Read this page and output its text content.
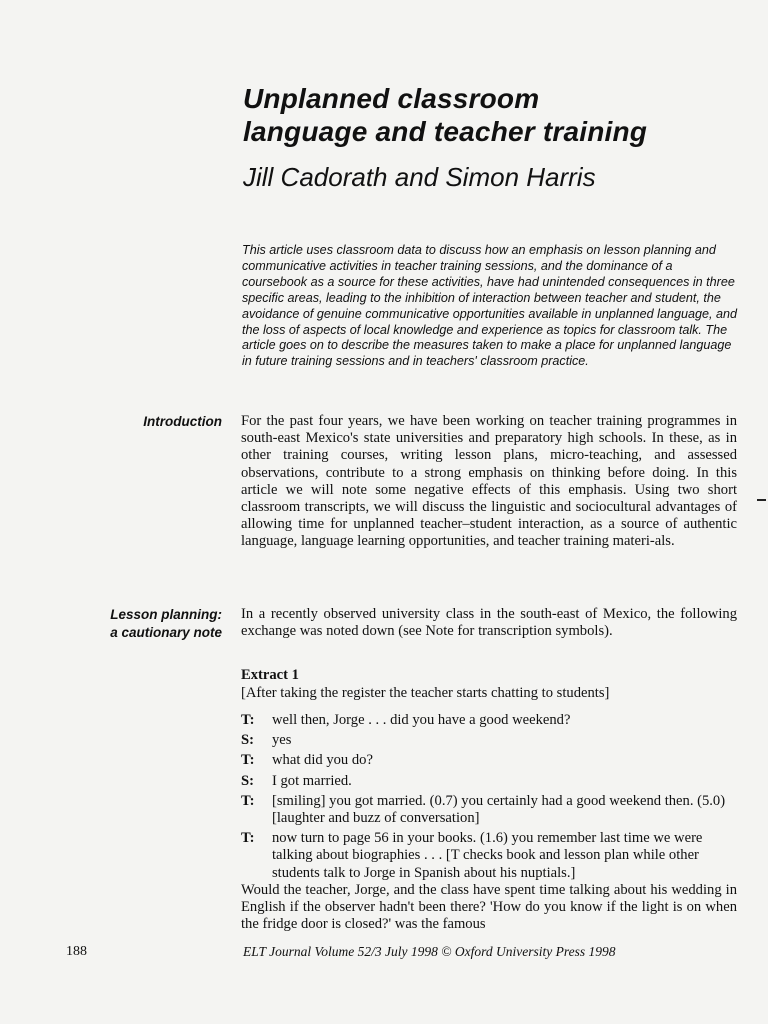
Unplanned classroom
language and teacher training

Jill Cadorath and Simon Harris

This article uses classroom data to discuss how an emphasis on lesson planning and communicative activities in teacher training sessions, and the dominance of a coursebook as a source for these activities, have had unintended consequences in three specific areas, leading to the inhibition of interaction between teacher and student, the avoidance of genuine communicative opportunities available in unplanned language, and the loss of aspects of local knowledge and experience as topics for classroom talk. The article goes on to describe the measures taken to make a place for unplanned language in future training sessions and in teachers' classroom practice.

Introduction For the past four years, we have been working on teacher training programmes in south-east Mexico's state universities and preparatory high schools. In these, as in other training courses, writing lesson plans, micro-teaching, and assessed observations, contribute to a strong emphasis on thinking before doing. In this article we will note some negative effects of this emphasis. Using two short classroom transcripts, we will discuss the linguistic and sociocultural advantages of allowing time for unplanned teacher–student interaction, as a source of authentic language, language learning opportunities, and teacher training materi-als.

Lesson planning:
a cautionary note

In a recently observed university class in the south-east of Mexico, the following exchange was noted down (see Note for transcription symbols).

Extract 1

[After taking the register the teacher starts chatting to students]

T:	well then, Jorge . . . did you have a good weekend?
S:	yes
T:	what did you do?
S:	I got married.
T:	[smiling] you got married. (0.7) you certainly had a good weekend then. (5.0) [laughter and buzz of conversation]
T:	now turn to page 56 in your books. (1.6) you remember last time we were talking about biographies . . . [T checks book and lesson plan while other students talk to Jorge in Spanish about his nuptials.]

Would the teacher, Jorge, and the class have spent time talking about his wedding in English if the observer hadn't been there? 'How do you know if the light is on when the fridge door is closed?' was the famous

188	ELT Journal Volume 52/3 July 1998 © Oxford University Press 1998
